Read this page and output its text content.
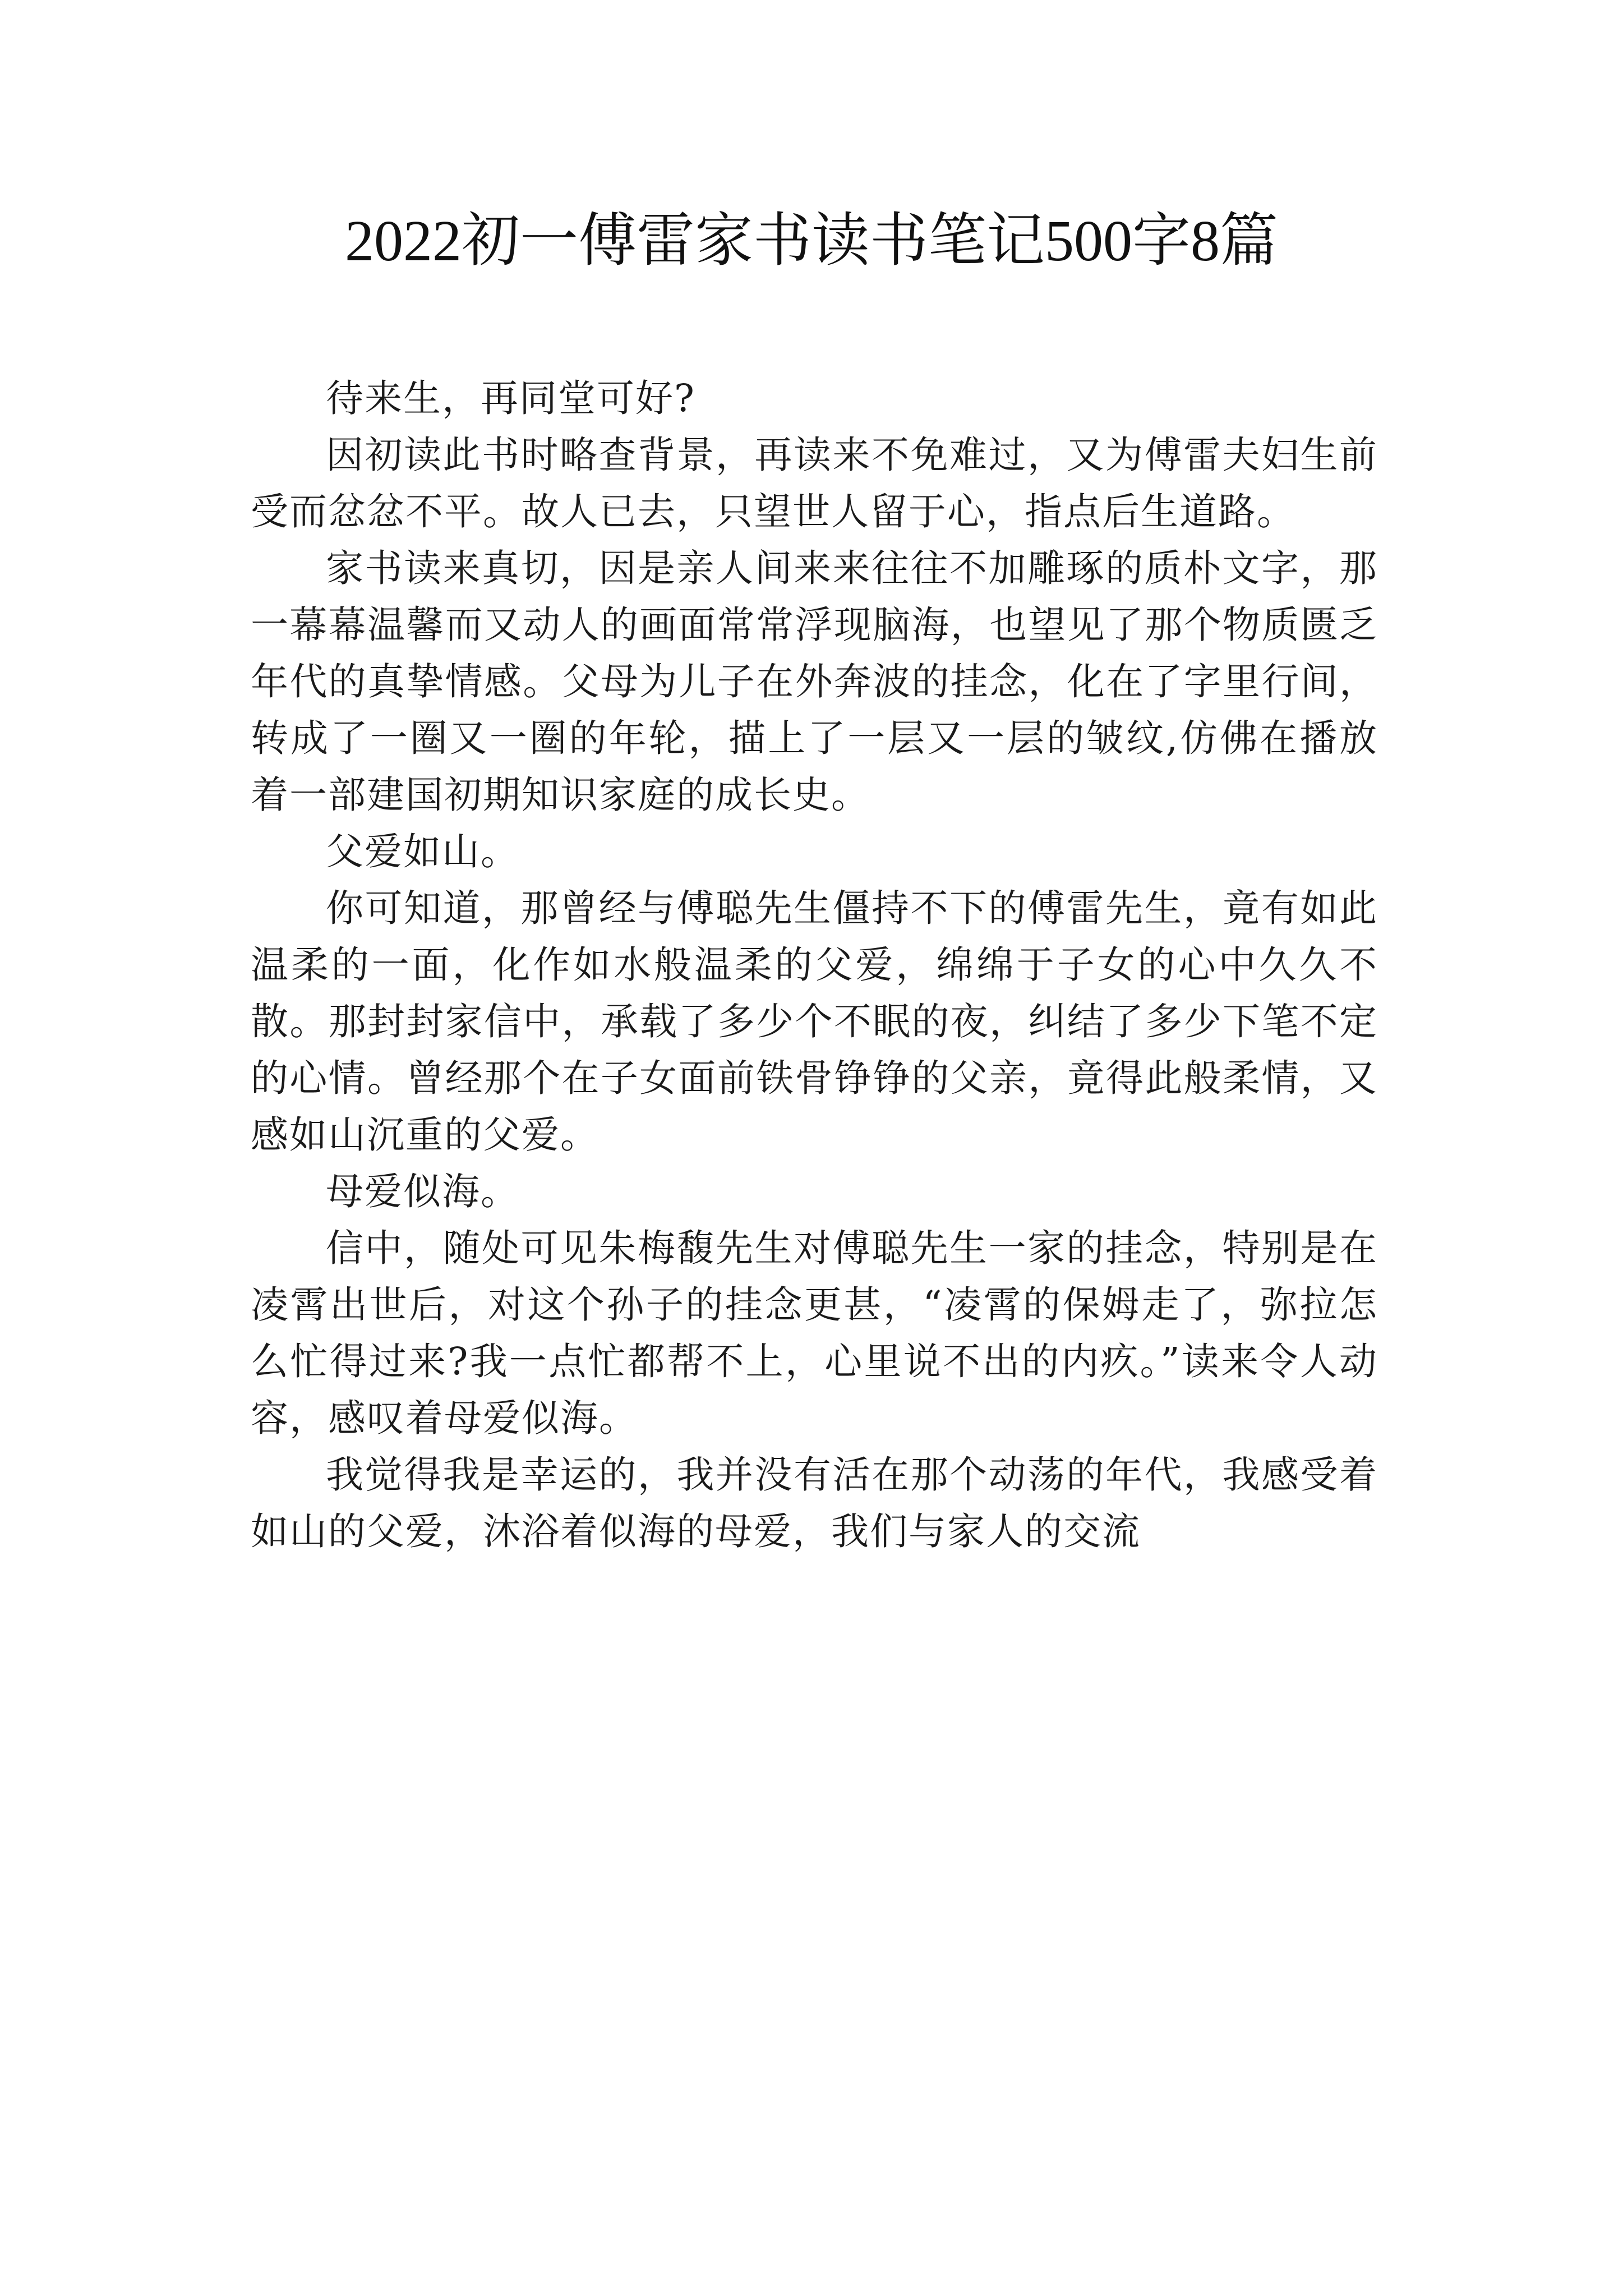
2022初一傅雷家书读书笔记500字8篇

待来生，再同堂可好?

因初读此书时略查背景，再读来不免难过，又为傅雷夫妇生前受而忿忿不平。故人已去，只望世人留于心，指点后生道路。

家书读来真切，因是亲人间来来往往不加雕琢的质朴文字，那一幕幕温馨而又动人的画面常常浮现脑海，也望见了那个物质匮乏年代的真挚情感。父母为儿子在外奔波的挂念，化在了字里行间，转成了一圈又一圈的年轮，描上了一层又一层的皱纹,仿佛在播放着一部建国初期知识家庭的成长史。

父爱如山。

你可知道，那曾经与傅聪先生僵持不下的傅雷先生，竟有如此温柔的一面，化作如水般温柔的父爱，绵绵于子女的心中久久不散。那封封家信中，承载了多少个不眠的夜，纠结了多少下笔不定的心情。曾经那个在子女面前铁骨铮铮的父亲，竟得此般柔情，又感如山沉重的父爱。

母爱似海。

信中，随处可见朱梅馥先生对傅聪先生一家的挂念，特别是在凌霄出世后，对这个孙子的挂念更甚，“凌霄的保姆走了，弥拉怎么忙得过来?我一点忙都帮不上，心里说不出的内疚。”读来令人动容，感叹着母爱似海。

我觉得我是幸运的，我并没有活在那个动荡的年代，我感受着如山的父爱，沐浴着似海的母爱，我们与家人的交流
